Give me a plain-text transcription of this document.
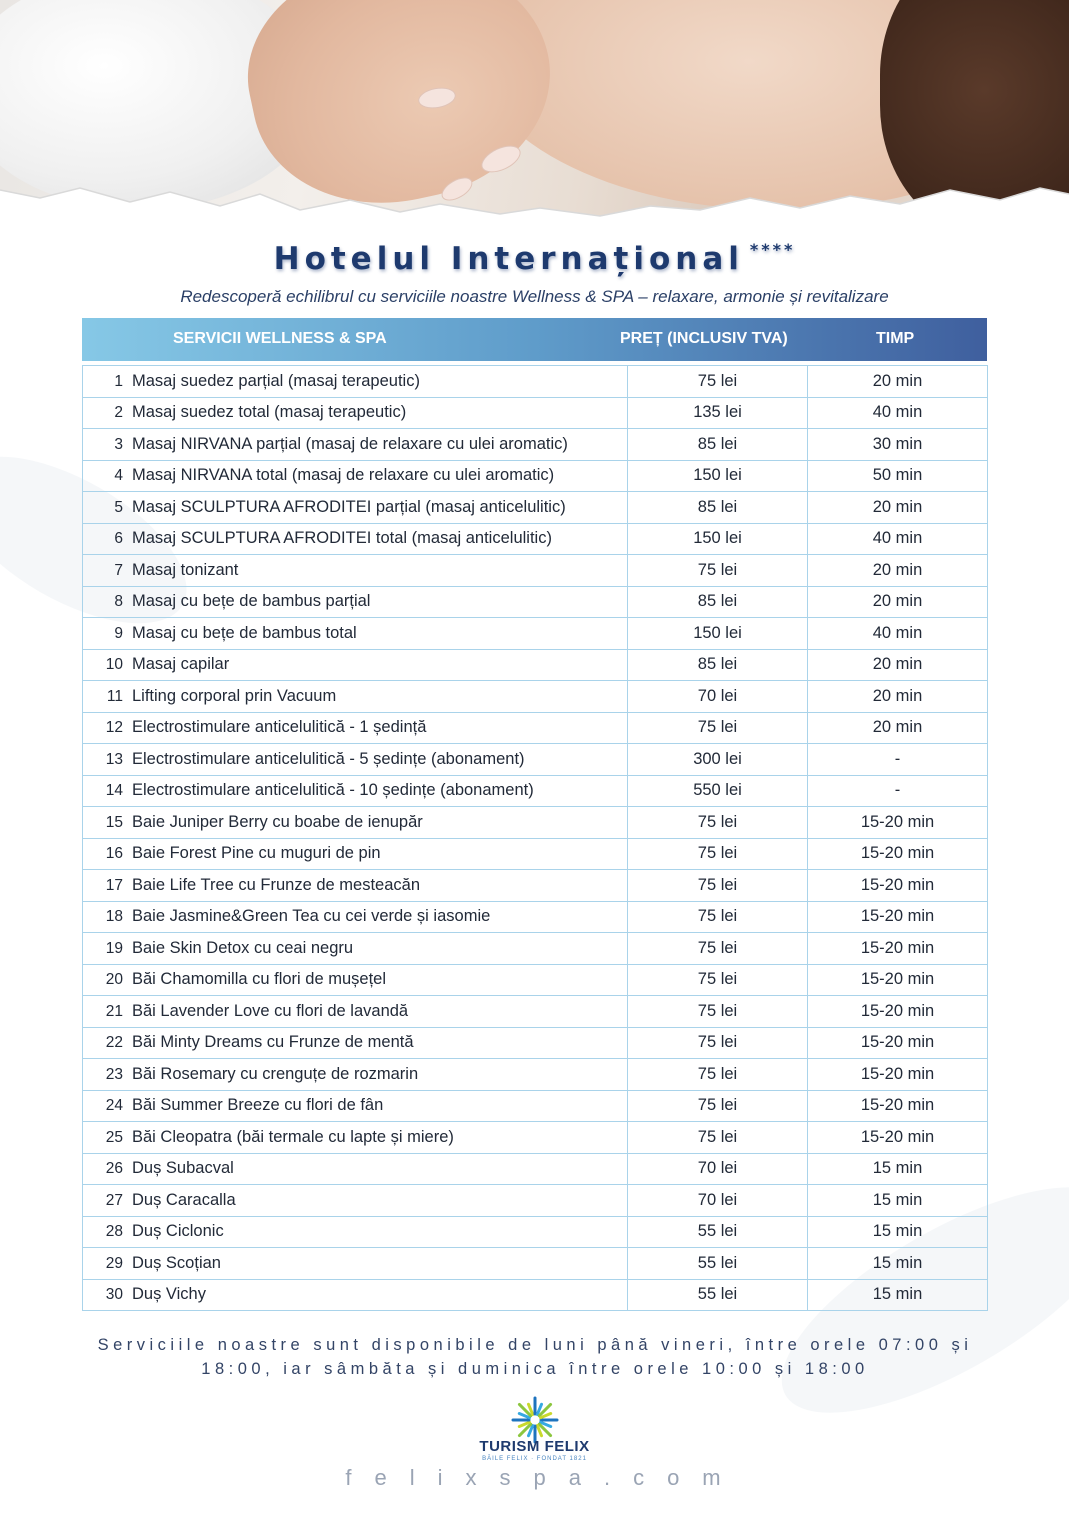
Hotelul Internațional ****
Redescoperă echilibrul cu serviciile noastre Wellness & SPA – relaxare, armonie și revitalizare
SERVICII WELLNESS & SPA	PREȚ (INCLUSIV TVA)	TIMP
1 Masaj suedez parțial (masaj terapeutic)	75 lei	20 min
2 Masaj suedez total (masaj terapeutic)	135 lei	40 min
3 Masaj NIRVANA parțial (masaj de relaxare cu ulei aromatic)	85 lei	30 min
4 Masaj NIRVANA total (masaj de relaxare cu ulei aromatic)	150 lei	50 min
5 Masaj SCULPTURA AFRODITEI parțial (masaj anticelulitic)	85 lei	20 min
6 Masaj SCULPTURA AFRODITEI total (masaj anticelulitic)	150 lei	40 min
7 Masaj tonizant	75 lei	20 min
8 Masaj cu bețe de bambus parțial	85 lei	20 min
9 Masaj cu bețe de bambus total	150 lei	40 min
10 Masaj capilar	85 lei	20 min
11 Lifting corporal prin Vacuum	70 lei	20 min
12 Electrostimulare anticelulitică - 1 ședință	75 lei	20 min
13 Electrostimulare anticelulitică - 5 ședințe (abonament)	300 lei	-
14 Electrostimulare anticelulitică - 10 ședințe (abonament)	550 lei	-
15 Baie Juniper Berry cu boabe de ienupăr	75 lei	15-20 min
16 Baie Forest Pine cu muguri de pin	75 lei	15-20 min
17 Baie Life Tree cu Frunze de mesteacăn	75 lei	15-20 min
18 Baie Jasmine&Green Tea cu cei verde și iasomie	75 lei	15-20 min
19 Baie Skin Detox cu ceai negru	75 lei	15-20 min
20 Băi Chamomilla cu flori de mușețel	75 lei	15-20 min
21 Băi Lavender Love cu flori de lavandă	75 lei	15-20 min
22 Băi Minty Dreams cu Frunze de mentă	75 lei	15-20 min
23 Băi Rosemary cu crenguțe de rozmarin	75 lei	15-20 min
24 Băi Summer Breeze cu flori de fân	75 lei	15-20 min
25 Băi Cleopatra (băi termale cu lapte și miere)	75 lei	15-20 min
26 Duș Subacval	70 lei	15 min
27 Duș Caracalla	70 lei	15 min
28 Duș Ciclonic	55 lei	15 min
29 Duș Scoțian	55 lei	15 min
30 Duș Vichy	55 lei	15 min
Serviciile noastre sunt disponibile de luni până vineri, între orele 07:00 și 18:00, iar sâmbăta și duminica între orele 10:00 și 18:00
TURISM FELIX
BĂILE FELIX · FONDAT 1821
felixspa.com
